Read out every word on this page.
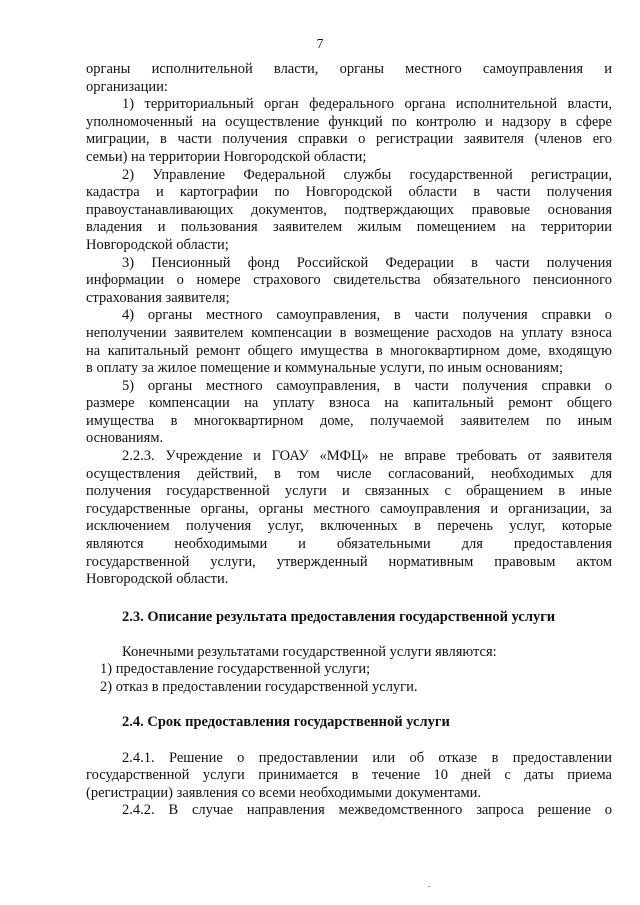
7

органы исполнительной власти, органы местного самоуправления и
организации:

1) территориальный орган федерального органа исполнительной власти,
уполномоченный на осуществление функций по контролю и надзору в сфере
миграции, в части получения справки о регистрации заявителя (членов его
семьи) на территории Новгородской области;

2) Управление Федеральной службы государственной регистрации,
кадастра и картографии по Новгородской области в части получения
правоустанавливающих документов, подтверждающих правовые основания
владения и пользования заявителем жилым помещением на территории
Новгородской области;

3) Пенсионный фонд Российской Федерации в части получения
информации о номере страхового свидетельства обязательного пенсионного
страхования заявителя;

4) органы местного самоуправления, в части получения справки о
неполучении заявителем компенсации в возмещение расходов на уплату взноса
на капитальный ремонт общего имущества в многоквартирном доме, входящую
в оплату за жилое помещение и коммунальные услуги, по иным основаниям;

5) органы местного самоуправления, в части получения справки о
размере компенсации на уплату взноса на капитальный ремонт общего
имущества в многоквартирном доме, получаемой заявителем по иным
основаниям.

2.2.3. Учреждение и ГОАУ «МФЦ» не вправе требовать от заявителя
осуществления действий, в том числе согласований, необходимых для
получения государственной услуги и связанных с обращением в иные
государственные органы, органы местного самоуправления и организации, за
исключением получения услуг, включенных в перечень услуг, которые
являются необходимыми и обязательными для предоставления
государственной услуги, утвержденный нормативным правовым актом
Новгородской области.

2.3. Описание результата предоставления государственной услуги

Конечными результатами государственной услуги являются:

1) предоставление государственной услуги;

2) отказ в предоставлении государственной услуги.

2.4. Срок предоставления государственной услуги

2.4.1. Решение о предоставлении или об отказе в предоставлении
государственной услуги принимается в течение 10 дней с даты приема
(регистрации) заявления со всеми необходимыми документами.

2.4.2. В случае направления межведомственного запроса решение о
